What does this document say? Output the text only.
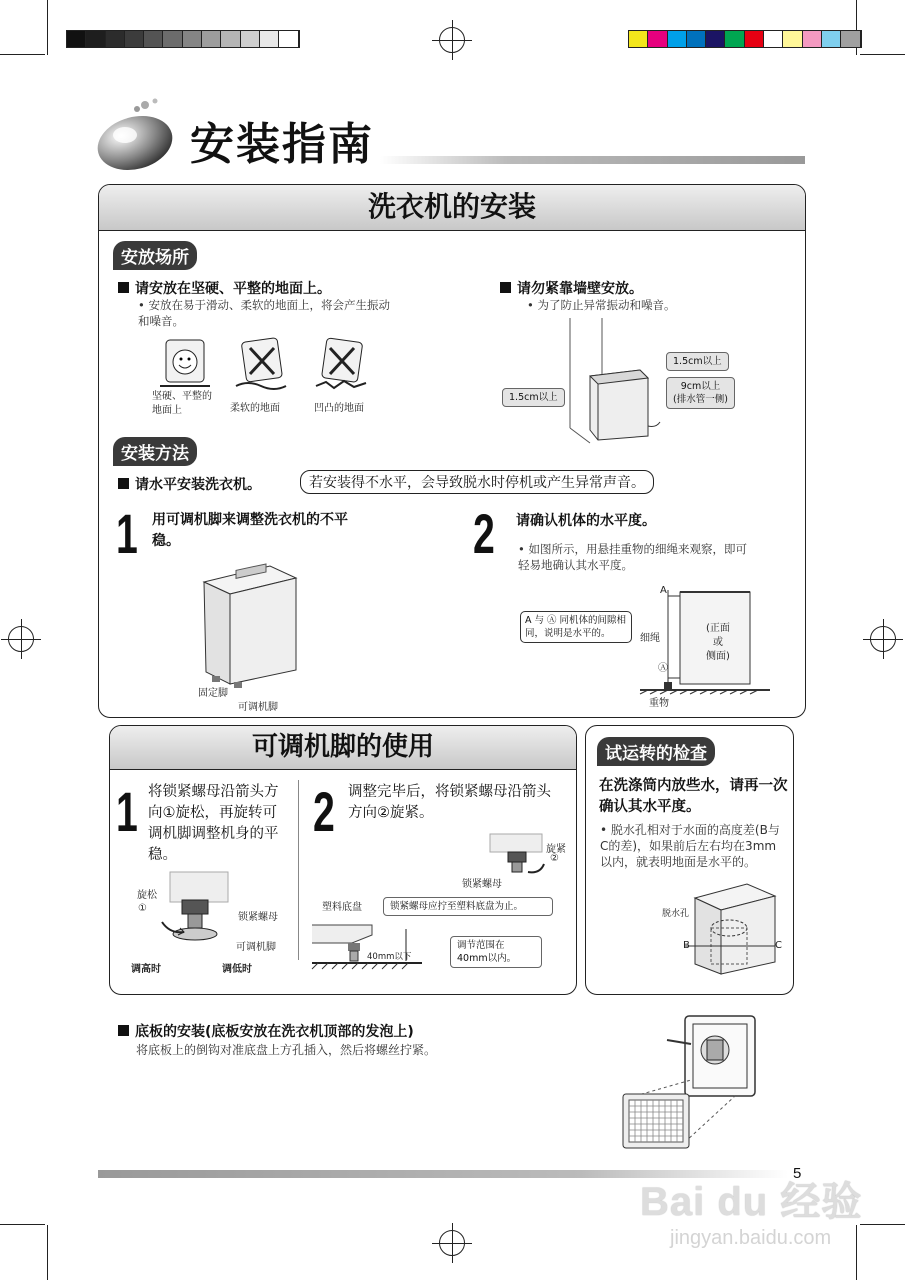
安装指南
洗衣机的安装
安放场所
请安放在坚硬、平整的地面上。
• 安放在易于滑动、柔软的地面上，将会产生振动和噪音。
坚硬、平整的地面上	柔软的地面	凹凸的地面
请勿紧靠墙壁安放。
• 为了防止异常振动和噪音。
1.5cm以上
9cm以上
(排水管一侧)
1.5cm以上
安装方法
请水平安装洗衣机。	若安装得不水平，会导致脱水时停机或产生异常声音。
1 用可调机脚来调整洗衣机的不平稳。
固定脚
可调机脚
2 请确认机体的水平度。
• 如图所示，用悬挂重物的细绳来观察，即可轻易地确认其水平度。
A
A 与 Ⓐ 同机体的间隙相同，说明是水平的。	细绳
(正面
或
侧面)
Ⓐ
重物
可调机脚的使用
1 将锁紧螺母沿箭头方向①旋松，再旋转可调机脚调整机身的平稳。
旋松
①
锁紧螺母
可调机脚
调高时	调低时
2 调整完毕后，将锁紧螺母沿箭头方向②旋紧。
旋紧
②
锁紧螺母
塑料底盘	锁紧螺母应拧至塑料底盘为止。
调节范围在40mm以内。
40mm以下
试运转的检查
在洗涤筒内放些水，请再一次确认其水平度。
• 脱水孔相对于水面的高度差(B与C的差)，如果前后左右均在3mm以内，就表明地面是水平的。
脱水孔
B	C
底板的安装(底板安放在洗衣机顶部的发泡上)
将底板上的倒钩对准底盘上方孔插入，然后将螺丝拧紧。
5
Bai du 经验
jingyan.baidu.com
